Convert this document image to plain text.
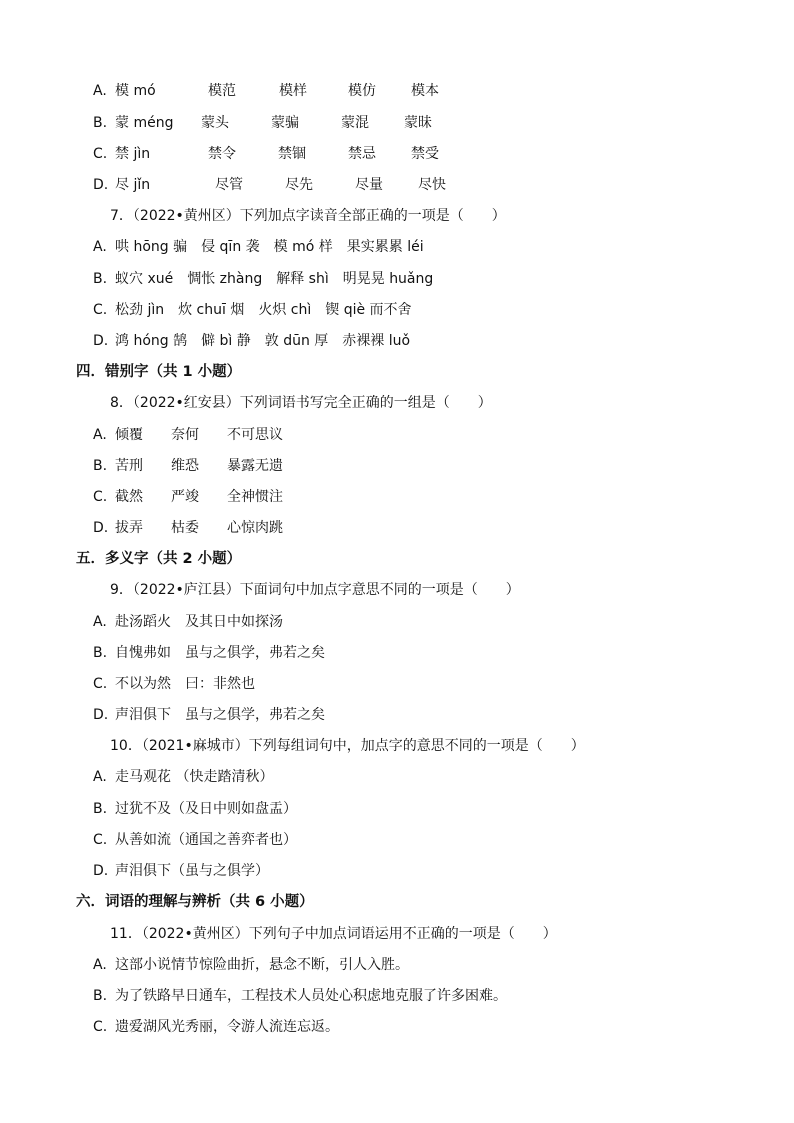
A. 模 mó	模范	模样	模仿	模本
B. 蒙 méng 蒙头	蒙骗	蒙混	蒙昧
C. 禁 jìn	禁令	禁锢	禁忌	禁受
D. 尽 jǐn	尽管	尽先	尽量	尽快
7．（2022•黄州区）下列加点字读音全部正确的一项是（　　）
A. 哄 hōng 骗　侵 qīn 袭　模 mó 样　果实累累 léi
B. 蚁穴 xué　惆怅 zhàng　解释 shì　明晃晃 huǎng
C. 松劲 jìn　炊 chuī 烟　火炽 chì　锲 qiè 而不舍
D. 鸿 hóng 鹄　僻 bì 静　敦 dūn 厚　赤裸裸 luǒ
四．错别字（共 1 小题）
8．（2022•红安县）下列词语书写完全正确的一组是（　　）
A. 倾覆　　奈何　　不可思议
B. 苦刑　　维恐　　暴露无遗
C. 截然　　严竣　　全神惯注
D. 拔弄　　枯委　　心惊肉跳
五．多义字（共 2 小题）
9．（2022•庐江县）下面词句中加点字意思不同的一项是（　　）
A. 赴汤蹈火　及其日中如探汤
B. 自愧弗如　虽与之俱学，弗若之矣
C. 不以为然　曰：非然也
D. 声泪俱下　虽与之俱学，弗若之矣
10．（2021•麻城市）下列每组词句中，加点字的意思不同的一项是（　　）
A. 走马观花 （快走踏清秋）
B. 过犹不及（及日中则如盘盂）
C. 从善如流（通国之善弈者也）
D. 声泪俱下（虽与之俱学）
六．词语的理解与辨析（共 6 小题）
11．（2022•黄州区）下列句子中加点词语运用不正确的一项是（　　）
A. 这部小说情节惊险曲折，悬念不断，引人入胜。
B. 为了铁路早日通车，工程技术人员处心积虑地克服了许多困难。
C. 遗爱湖风光秀丽，令游人流连忘返。
